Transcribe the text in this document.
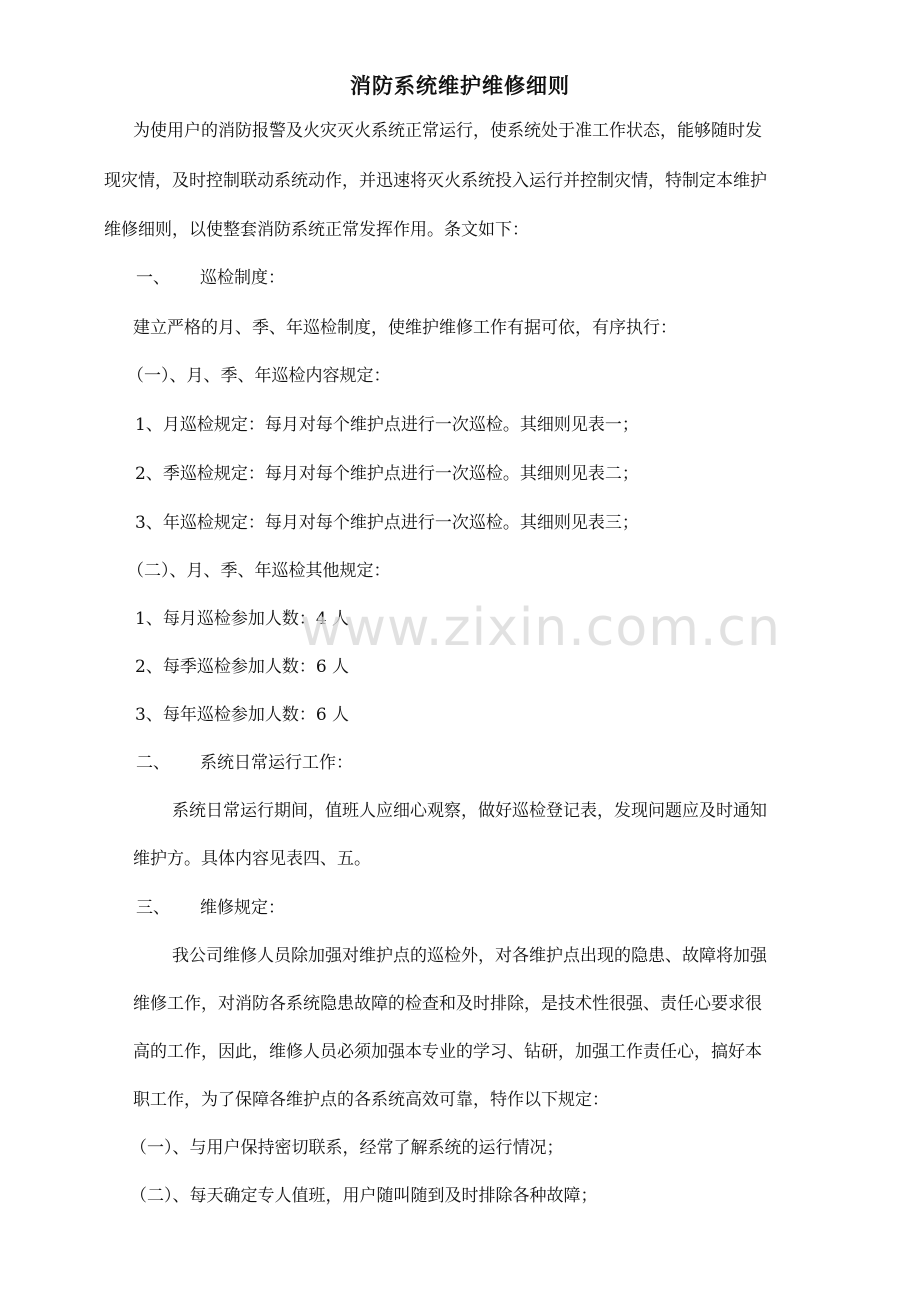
消防系统维护维修细则
为使用户的消防报警及火灾灭火系统正常运行，使系统处于准工作状态，能够随时发
现灾情，及时控制联动系统动作，并迅速将灭火系统投入运行并控制灾情，特制定本维护
维修细则，以使整套消防系统正常发挥作用。条文如下：
一、 巡检制度：
建立严格的月、季、年巡检制度，使维护维修工作有据可依，有序执行：
（一）、月、季、年巡检内容规定：
1、月巡检规定：每月对每个维护点进行一次巡检。其细则见表一；
2、季巡检规定：每月对每个维护点进行一次巡检。其细则见表二；
3、年巡检规定：每月对每个维护点进行一次巡检。其细则见表三；
（二）、月、季、年巡检其他规定：
1、每月巡检参加人数：4 人
2、每季巡检参加人数：6 人
3、每年巡检参加人数：6 人
二、 系统日常运行工作：
系统日常运行期间，值班人应细心观察，做好巡检登记表，发现问题应及时通知
维护方。具体内容见表四、五。
三、 维修规定：
我公司维修人员除加强对维护点的巡检外，对各维护点出现的隐患、故障将加强
维修工作，对消防各系统隐患故障的检查和及时排除，是技术性很强、责任心要求很
高的工作，因此，维修人员必须加强本专业的学习、钻研，加强工作责任心，搞好本
职工作，为了保障各维护点的各系统高效可靠，特作以下规定：
（一）、与用户保持密切联系，经常了解系统的运行情况；
（二）、每天确定专人值班，用户随叫随到及时排除各种故障；
www.zixin.com.cn
